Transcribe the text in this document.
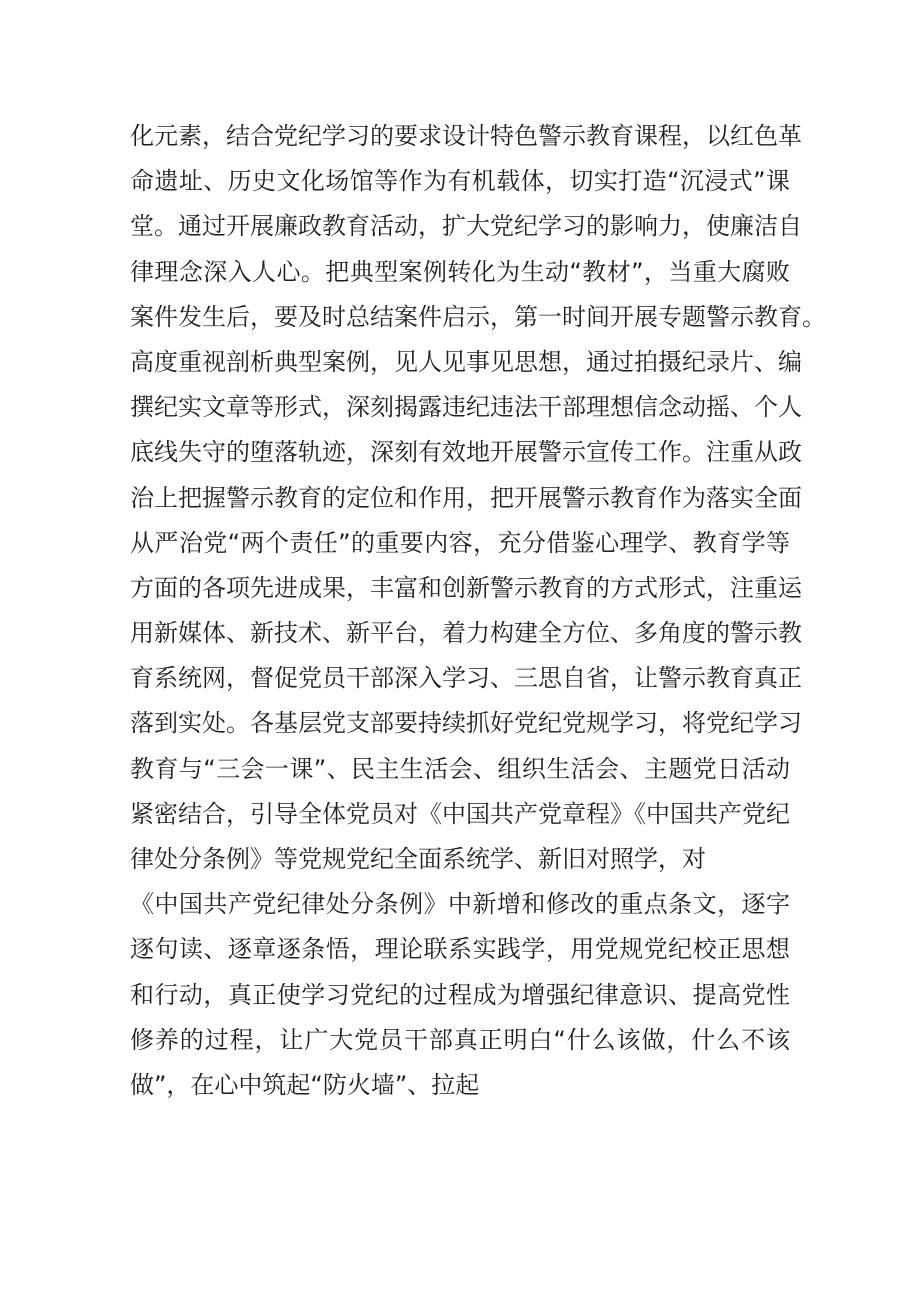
化元素，结合党纪学习的要求设计特色警示教育课程，以红色革
命遗址、历史文化场馆等作为有机载体，切实打造“沉浸式”课
堂。通过开展廉政教育活动，扩大党纪学习的影响力，使廉洁自
律理念深入人心。把典型案例转化为生动“教材”，当重大腐败
案件发生后，要及时总结案件启示，第一时间开展专题警示教育。
高度重视剖析典型案例，见人见事见思想，通过拍摄纪录片、编
撰纪实文章等形式，深刻揭露违纪违法干部理想信念动摇、个人
底线失守的堕落轨迹，深刻有效地开展警示宣传工作。注重从政
治上把握警示教育的定位和作用，把开展警示教育作为落实全面
从严治党“两个责任”的重要内容，充分借鉴心理学、教育学等
方面的各项先进成果，丰富和创新警示教育的方式形式，注重运
用新媒体、新技术、新平台，着力构建全方位、多角度的警示教
育系统网，督促党员干部深入学习、三思自省，让警示教育真正
落到实处。各基层党支部要持续抓好党纪党规学习，将党纪学习
教育与“三会一课”、民主生活会、组织生活会、主题党日活动
紧密结合，引导全体党员对《中国共产党章程》《中国共产党纪
律处分条例》等党规党纪全面系统学、新旧对照学，对
《中国共产党纪律处分条例》中新增和修改的重点条文，逐字
逐句读、逐章逐条悟，理论联系实践学，用党规党纪校正思想
和行动，真正使学习党纪的过程成为增强纪律意识、提高党性
修养的过程，让广大党员干部真正明白“什么该做，什么不该
做”，在心中筑起“防火墙”、拉起
